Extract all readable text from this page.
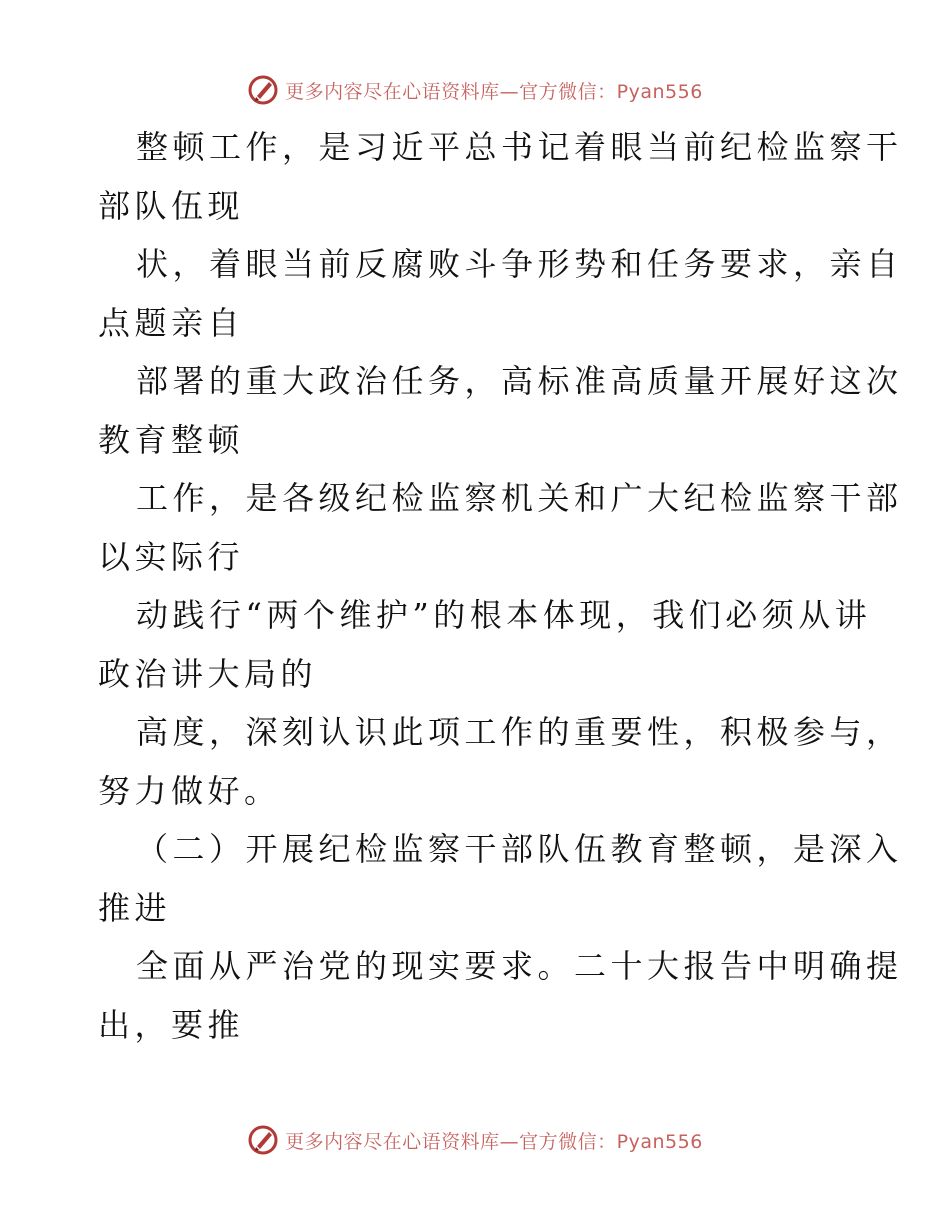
更多内容尽在心语资料库—官方微信：Pyan556

整顿工作，是习近平总书记着眼当前纪检监察干
部队伍现

状，着眼当前反腐败斗争形势和任务要求，亲自
点题亲自

部署的重大政治任务，高标准高质量开展好这次
教育整顿

工作，是各级纪检监察机关和广大纪检监察干部
以实际行

动践行“两个维护”的根本体现，我们必须从讲
政治讲大局的

高度，深刻认识此项工作的重要性，积极参与，
努力做好。

（二）开展纪检监察干部队伍教育整顿，是深入
推进

全面从严治党的现实要求。二十大报告中明确提
出，要推

更多内容尽在心语资料库—官方微信：Pyan556
